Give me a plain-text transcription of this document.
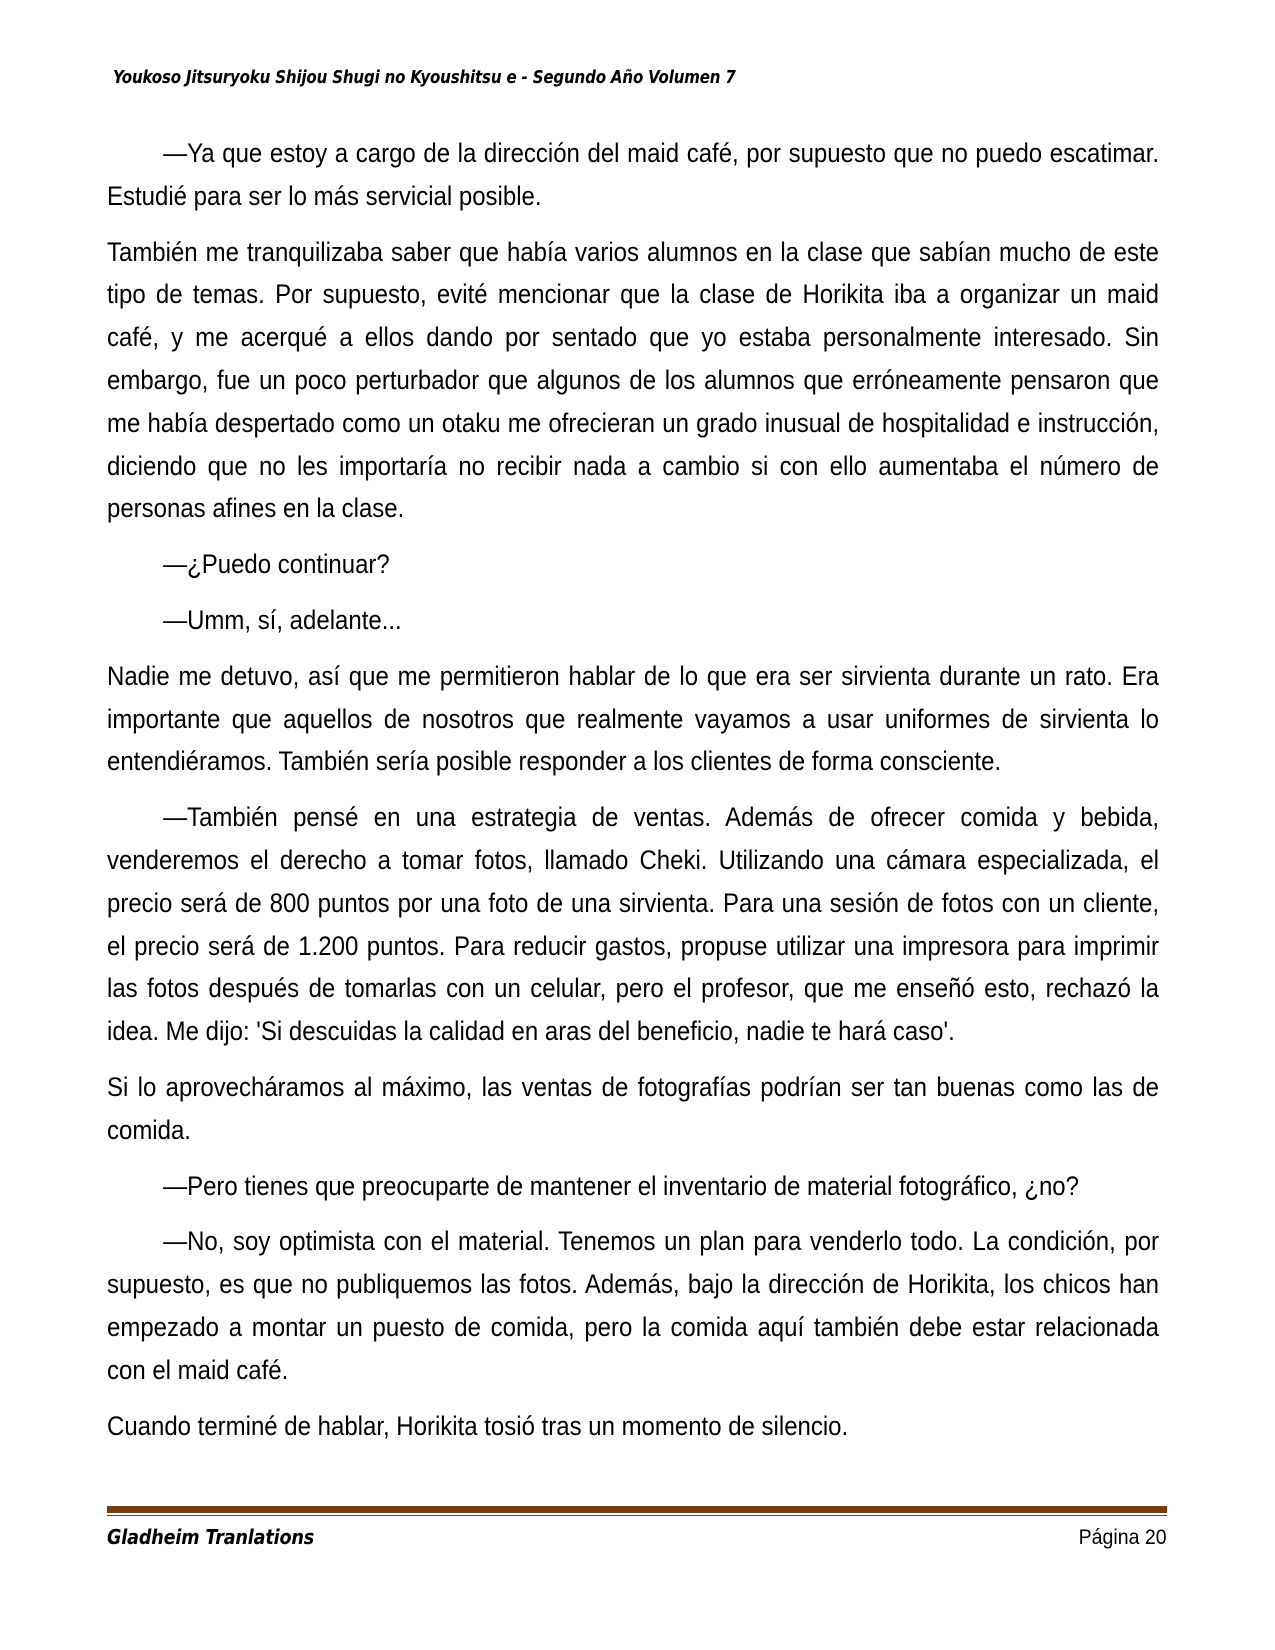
Youkoso Jitsuryoku Shijou Shugi no Kyoushitsu e - Segundo Año Volumen 7

—Ya que estoy a cargo de la dirección del maid café, por supuesto que no puedo escatimar. Estudié para ser lo más servicial posible.

También me tranquilizaba saber que había varios alumnos en la clase que sabían mucho de este tipo de temas. Por supuesto, evité mencionar que la clase de Horikita iba a organizar un maid café, y me acerqué a ellos dando por sentado que yo estaba personalmente interesado. Sin embargo, fue un poco perturbador que algunos de los alumnos que erróneamente pensaron que me había despertado como un otaku me ofrecieran un grado inusual de hospitalidad e instrucción, diciendo que no les importaría no recibir nada a cambio si con ello aumentaba el número de personas afines en la clase.

—¿Puedo continuar?

—Umm, sí, adelante...

Nadie me detuvo, así que me permitieron hablar de lo que era ser sirvienta durante un rato. Era importante que aquellos de nosotros que realmente vayamos a usar uniformes de sirvienta lo entendiéramos. También sería posible responder a los clientes de forma consciente.

—También pensé en una estrategia de ventas. Además de ofrecer comida y bebida, venderemos el derecho a tomar fotos, llamado Cheki. Utilizando una cámara especializada, el precio será de 800 puntos por una foto de una sirvienta. Para una sesión de fotos con un cliente, el precio será de 1.200 puntos. Para reducir gastos, propuse utilizar una impresora para imprimir las fotos después de tomarlas con un celular, pero el profesor, que me enseñó esto, rechazó la idea. Me dijo: 'Si descuidas la calidad en aras del beneficio, nadie te hará caso'.

Si lo aprovecháramos al máximo, las ventas de fotografías podrían ser tan buenas como las de comida.

—Pero tienes que preocuparte de mantener el inventario de material fotográfico, ¿no?

—No, soy optimista con el material. Tenemos un plan para venderlo todo. La condición, por supuesto, es que no publiquemos las fotos. Además, bajo la dirección de Horikita, los chicos han empezado a montar un puesto de comida, pero la comida aquí también debe estar relacionada con el maid café.

Cuando terminé de hablar, Horikita tosió tras un momento de silencio.

Gladheim Tranlations	Página 20
